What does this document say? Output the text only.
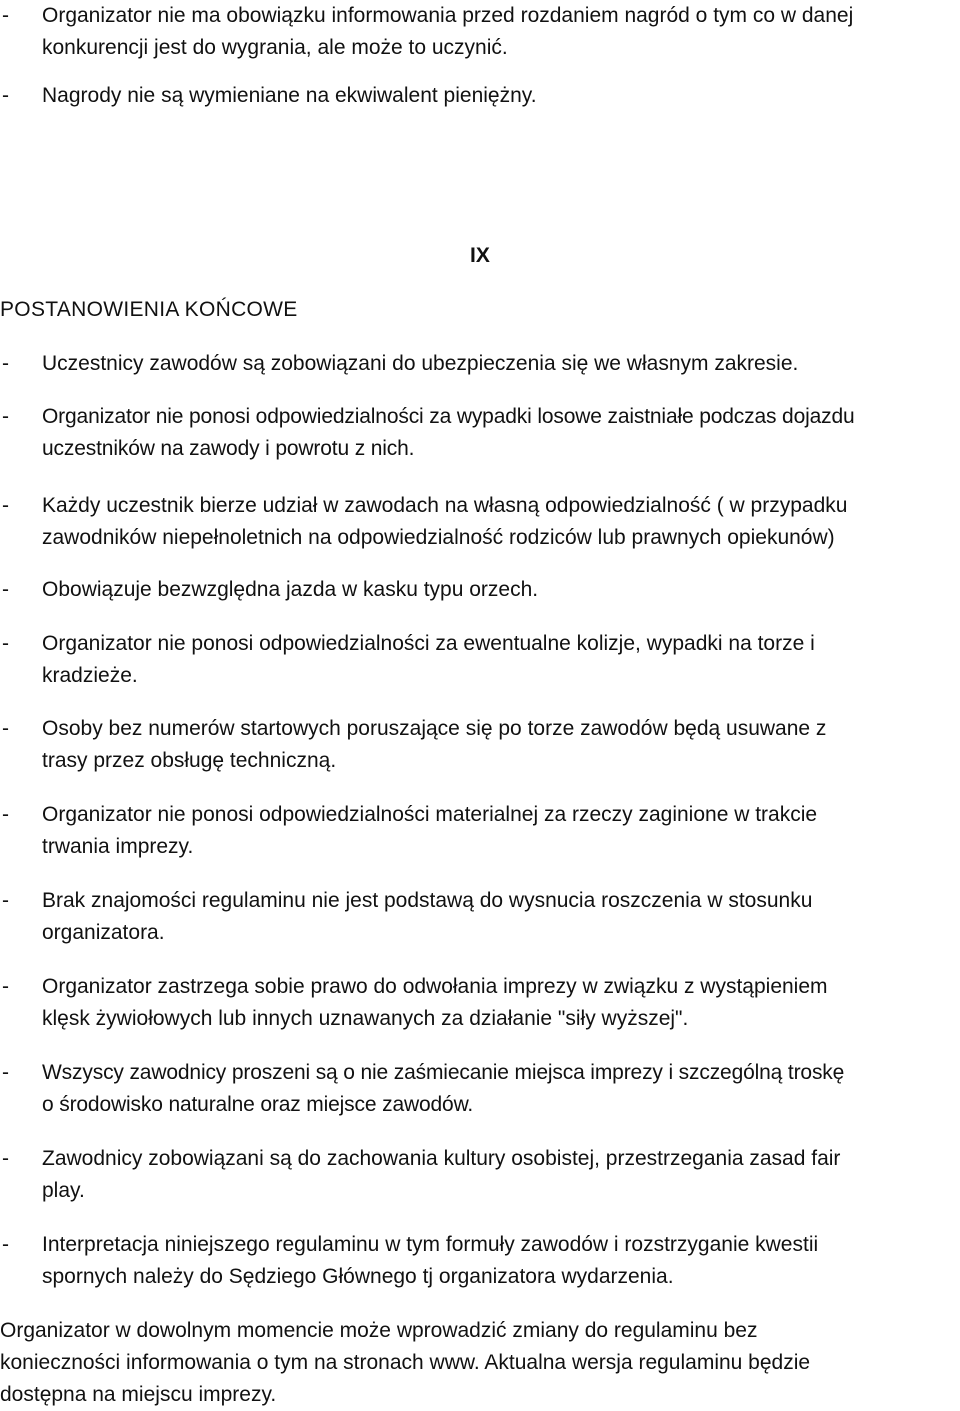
- Organizator nie ma obowiązku informowania przed rozdaniem nagród o tym co w danej
konkurencji jest do wygrania, ale może to uczynić.
- Nagrody nie są wymieniane na ekwiwalent pieniężny.
IX
POSTANOWIENIA KOŃCOWE
- Uczestnicy zawodów są zobowiązani do ubezpieczenia się we własnym zakresie.
- Organizator nie ponosi odpowiedzialności za wypadki losowe zaistniałe podczas dojazdu
uczestników na zawody i powrotu z nich.
- Każdy uczestnik bierze udział w zawodach na własną odpowiedzialność ( w przypadku
zawodników niepełnoletnich na odpowiedzialność rodziców lub prawnych opiekunów)
- Obowiązuje bezwzględna jazda w kasku typu orzech.
- Organizator nie ponosi odpowiedzialności za ewentualne kolizje, wypadki na torze i
kradzieże.
- Osoby bez numerów startowych poruszające się po torze zawodów będą usuwane z
trasy przez obsługę techniczną.
- Organizator nie ponosi odpowiedzialności materialnej za rzeczy zaginione w trakcie
trwania imprezy.
- Brak znajomości regulaminu nie jest podstawą do wysnucia roszczenia w stosunku
organizatora.
- Organizator zastrzega sobie prawo do odwołania imprezy w związku z wystąpieniem
klęsk żywiołowych lub innych uznawanych za działanie "siły wyższej".
- Wszyscy zawodnicy proszeni są o nie zaśmiecanie miejsca imprezy i szczególną troskę
o środowisko naturalne oraz miejsce zawodów.
- Zawodnicy zobowiązani są do zachowania kultury osobistej, przestrzegania zasad fair
play.
- Interpretacja niniejszego regulaminu w tym formuły zawodów i rozstrzyganie kwestii
spornych należy do Sędziego Głównego tj organizatora wydarzenia.
Organizator w dowolnym momencie może wprowadzić zmiany do regulaminu bez
konieczności informowania o tym na stronach www. Aktualna wersja regulaminu będzie
dostępna na miejscu imprezy.
